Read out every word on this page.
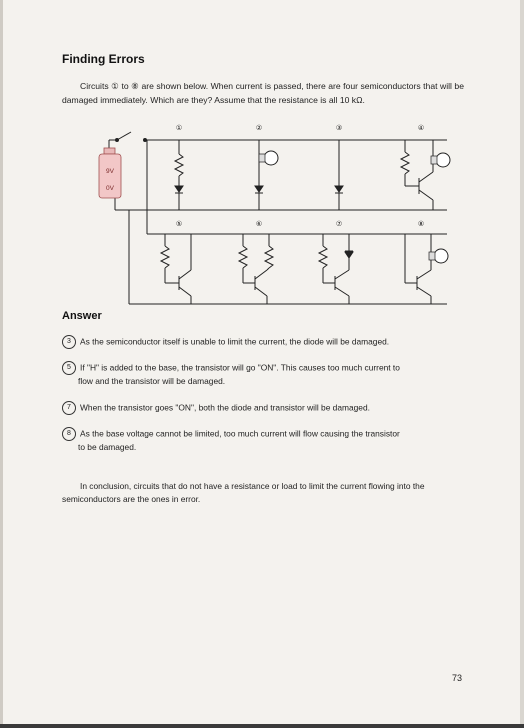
Finding Errors
Circuits ① to ⑧ are shown below. When current is passed, there are four semiconductors that will be damaged immediately. Which are they? Assume that the resistance is all 10 kΩ.
9V
0V
①	②	③	④
⑤	⑥	⑦	⑧
Answer
3 As the semiconductor itself is unable to limit the current, the diode will be damaged.
5 If "H" is added to the base, the transistor will go "ON". This causes too much current to
flow and the transistor will be damaged.
7 When the transistor goes "ON", both the diode and transistor will be damaged.
8 As the base voltage cannot be limited, too much current will flow causing the transistor
to be damaged.
In conclusion, circuits that do not have a resistance or load to limit the current flowing into the semiconductors are the ones in error.
73
